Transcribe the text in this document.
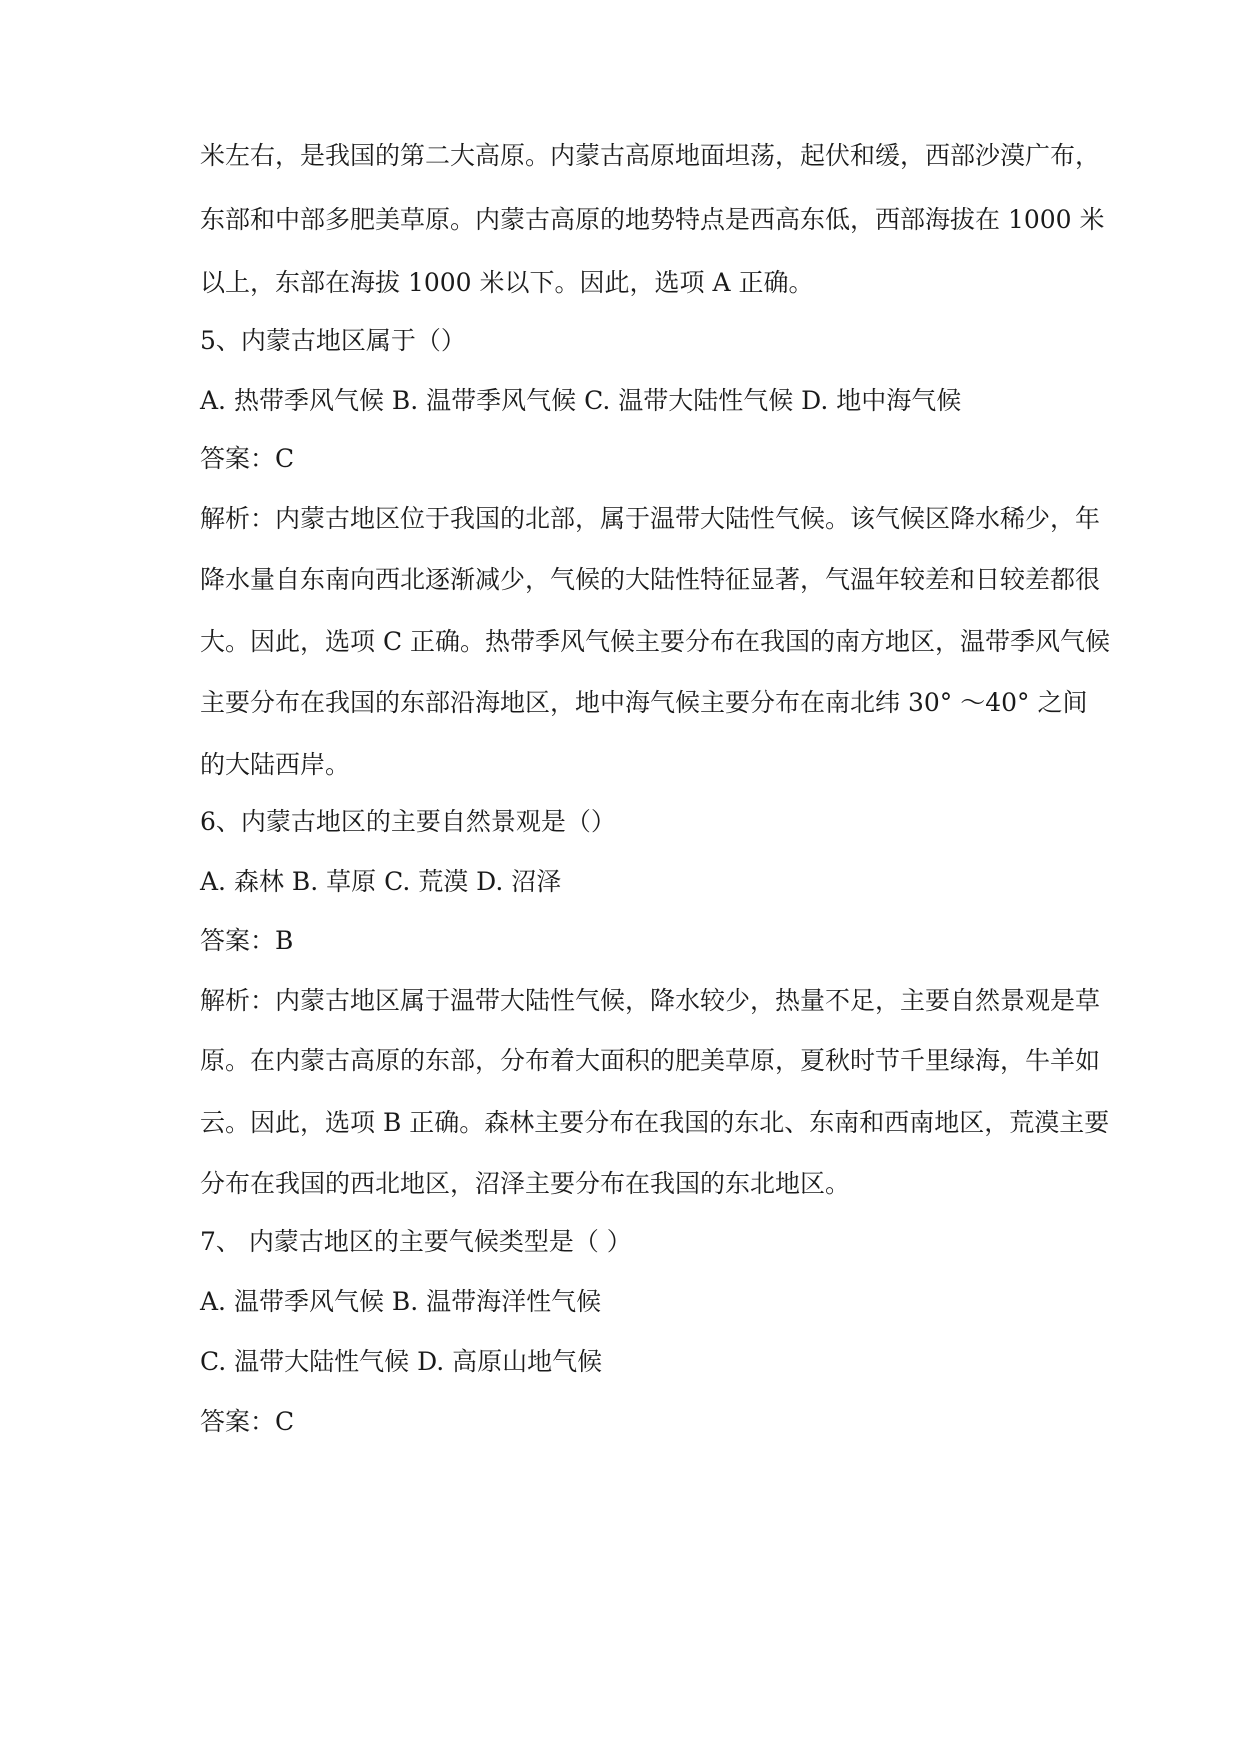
米左右，是我国的第二大高原。内蒙古高原地面坦荡，起伏和缓，西部沙漠广布，
东部和中部多肥美草原。内蒙古高原的地势特点是西高东低，西部海拔在 1000 米
以上，东部在海拔 1000 米以下。因此，选项 A 正确。
5、内蒙古地区属于（）
A. 热带季风气候 B. 温带季风气候 C. 温带大陆性气候 D. 地中海气候
答案：C
解析：内蒙古地区位于我国的北部，属于温带大陆性气候。该气候区降水稀少，年
降水量自东南向西北逐渐减少，气候的大陆性特征显著，气温年较差和日较差都很
大。因此，选项 C 正确。热带季风气候主要分布在我国的南方地区，温带季风气候
主要分布在我国的东部沿海地区，地中海气候主要分布在南北纬 30° ～40° 之间
的大陆西岸。
6、内蒙古地区的主要自然景观是（）
A. 森林 B. 草原 C. 荒漠 D. 沼泽
答案：B
解析：内蒙古地区属于温带大陆性气候，降水较少，热量不足，主要自然景观是草
原。在内蒙古高原的东部，分布着大面积的肥美草原，夏秋时节千里绿海，牛羊如
云。因此，选项 B 正确。森林主要分布在我国的东北、东南和西南地区，荒漠主要
分布在我国的西北地区，沼泽主要分布在我国的东北地区。
7、 内蒙古地区的主要气候类型是（ ）
A. 温带季风气候 B. 温带海洋性气候
C. 温带大陆性气候 D. 高原山地气候
答案：C
